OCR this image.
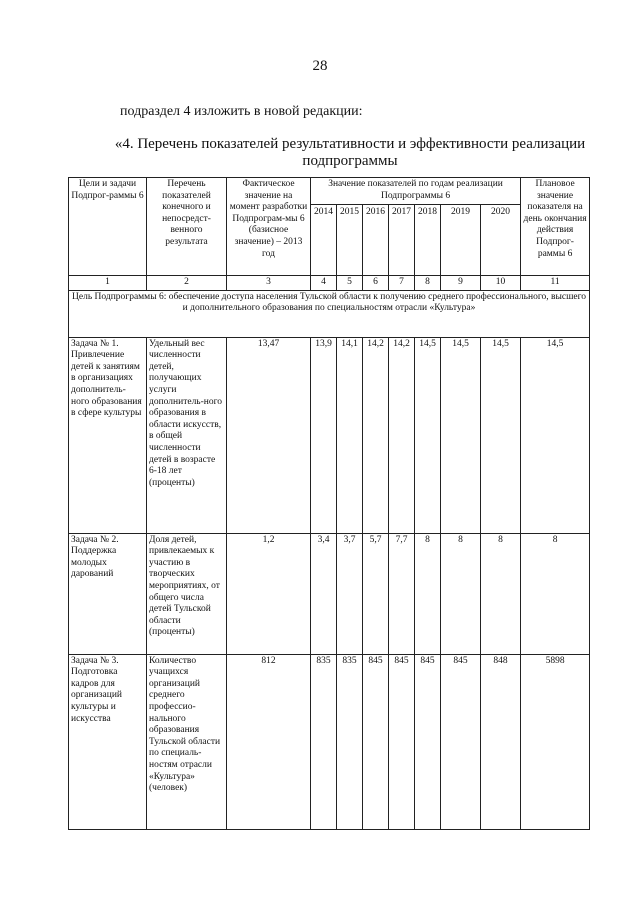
28
подраздел 4 изложить в новой редакции:
«4. Перечень показателей результативности и эффективности реализации
подпрограммы
Цели и задачи Подпрог-раммы 6	Перечень показателей конечного и непосредст-венного результата	Фактическое значение на момент разработки Подпрограм-мы 6 (базисное значение) – 2013 год	Значение показателей по годам реализации Подпрограммы 6							Плановое значение показателя на день окончания действия Подпрог-раммы 6
			2014	2015	2016	2017	2018	2019	2020	
1	2	3	4	5	6	7	8	9	10	11
Цель Подпрограммы 6: обеспечение доступа населения Тульской области к получению среднего профессионального, высшего и дополнительного образования по специальностям отрасли «Культура»										
Задача № 1. Привлечение детей к занятиям в организациях дополнитель-ного образования в сфере культуры	Удельный вес численности детей, получающих услуги дополнитель-ного образования в области искусств, в общей численности детей в возрасте 6-18 лет (проценты)	13,47	13,9	14,1	14,2	14,2	14,5	14,5	14,5	14,5
Задача № 2. Поддержка молодых дарований	Доля детей, привлекаемых к участию в творческих мероприятиях, от общего числа детей Тульской области (проценты)	1,2	3,4	3,7	5,7	7,7	8	8	8	8
Задача № 3. Подготовка кадров для организаций культуры и искусства	Количество учащихся организаций среднего профессио-нального образования Тульской области по специаль-ностям отрасли «Культура» (человек)	812	835	835	845	845	845	845	848	5898
